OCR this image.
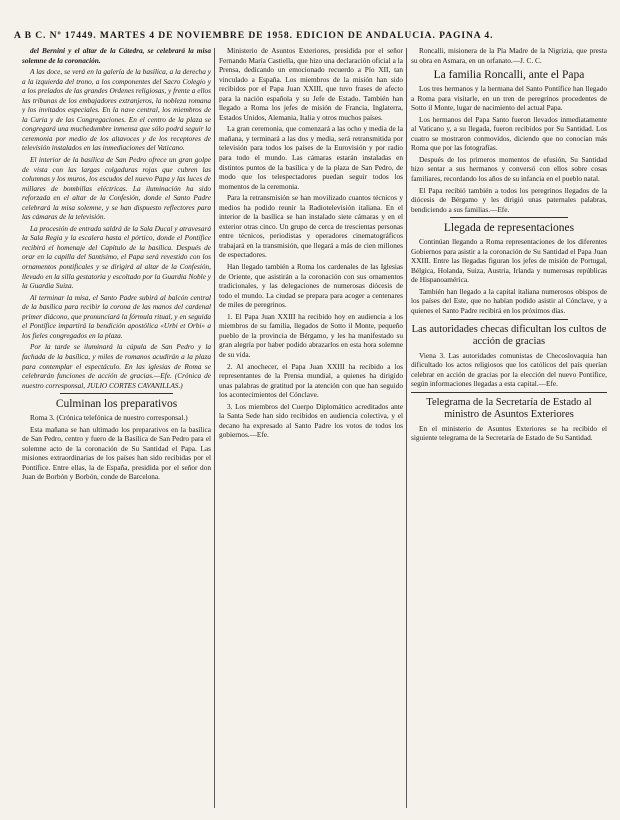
A B C. Nº 17449. MARTES 4 DE NOVIEMBRE DE 1958. EDICION DE ANDALUCIA. PAGINA 4.

del Bernini y el altar de la Cátedra, se celebrará la misa solemne de la coronación.

A las doce, se verá en la galería de la basílica, a la derecha y a la izquierda del trono, a los componentes del Sacro Colegio y a los prelados de las grandes Ordenes religiosas, y frente a ellos las tribunas de los embajadores extranjeros, la nobleza romana y los invitados especiales. En la nave central, los miembros de la Curia y de las Congregaciones. En el centro de la plaza se congregará una muchedumbre inmensa que sólo podrá seguir la ceremonia por medio de los altavoces y de los receptores de televisión instalados en las inmediaciones del Vaticano.

El interior de la basílica de San Pedro ofrece un gran golpe de vista con las largas colgaduras rojas que cubren las columnas y los muros, los escudos del nuevo Papa y las luces de millares de bombillas eléctricas. La iluminación ha sido reforzada en el altar de la Confesión, donde el Santo Padre celebrará la misa solemne, y se han dispuesto reflectores para las cámaras de la televisión.

La procesión de entrada saldrá de la Sala Ducal y atravesará la Sala Regia y la escalera hasta el pórtico, donde el Pontífice recibirá el homenaje del Capítulo de la basílica. Después de orar en la capilla del Santísimo, el Papa será revestido con los ornamentos pontificales y se dirigirá al altar de la Confesión, llevado en la silla gestatoria y escoltado por la Guardia Noble y la Guardia Suiza.

Al terminar la misa, el Santo Padre subirá al balcón central de la basílica para recibir la corona de las manos del cardenal primer diácono, que pronunciará la fórmula ritual, y en seguida el Pontífice impartirá la bendición apostólica «Urbi et Orbi» a los fieles congregados en la plaza.

Por la tarde se iluminará la cúpula de San Pedro y la fachada de la basílica, y miles de romanos acudirán a la plaza para contemplar el espectáculo. En las iglesias de Roma se celebrarán funciones de acción de gracias.—Efe. (Crónica de nuestro corresponsal, JULIO CORTES CAVANILLAS.)

Culminan los preparativos

Roma 3. (Crónica telefónica de nuestro corresponsal.)

Esta mañana se han ultimado los preparativos en la basílica de San Pedro, centro y fuero de la Basílica de San Pedro para el solemne acto de la coronación de Su Santidad el Papa. Las misiones extraordinarias de los países han sido recibidas por el Pontífice. Entre ellas, la de España, presidida por el señor don Juan de Borbón y Borbón, conde de Barcelona.

Ministerio de Asuntos Exteriores, presidida por el señor Fernando María Castiella, que hizo una declaración oficial a la Prensa, dedicando un emocionado recuerdo a Pío XII, tan vinculado a España. Los miembros de la misión han sido recibidos por el Papa Juan XXIII, que tuvo frases de afecto para la nación española y su Jefe de Estado. También han llegado a Roma los jefes de misión de Francia, Inglaterra, Estados Unidos, Alemania, Italia y otros muchos países.

La gran ceremonia, que comenzará a las ocho y media de la mañana, y terminará a las dos y media, será retransmitida por televisión para todos los países de la Eurovisión y por radio para todo el mundo. Las cámaras estarán instaladas en distintos puntos de la basílica y de la plaza de San Pedro, de modo que los telespectadores puedan seguir todos los momentos de la ceremonia.

Para la retransmisión se han movilizado cuantos técnicos y medios ha podido reunir la Radiotelevisión italiana. En el interior de la basílica se han instalado siete cámaras y en el exterior otras cinco. Un grupo de cerca de trescientas personas entre técnicos, periodistas y operadores cinematográficos trabajará en la transmisión, que llegará a más de cien millones de espectadores.

Han llegado también a Roma los cardenales de las Iglesias de Oriente, que asistirán a la coronación con sus ornamentos tradicionales, y las delegaciones de numerosas diócesis de todo el mundo. La ciudad se prepara para acoger a centenares de miles de peregrinos.

1. El Papa Juan XXIII ha recibido hoy en audiencia a los miembros de su familia, llegados de Sotto il Monte, pequeño pueblo de la provincia de Bérgamo, y les ha manifestado su gran alegría por haber podido abrazarlos en esta hora solemne de su vida.

2. Al anochecer, el Papa Juan XXIII ha recibido a los representantes de la Prensa mundial, a quienes ha dirigido unas palabras de gratitud por la atención con que han seguido los acontecimientos del Cónclave.

3. Los miembros del Cuerpo Diplomático acreditados ante la Santa Sede han sido recibidos en audiencia colectiva, y el decano ha expresado al Santo Padre los votos de todos los gobiernos.—Efe.

Roncalli, misionera de la Pía Madre de la Nigrizia, que presta su obra en Asmara, en un orfanato.—J. C. C.

La familia Roncalli, ante el Papa

Los tres hermanos y la hermana del Santo Pontífice han llegado a Roma para visitarle, en un tren de peregrinos procedentes de Sotto il Monte, lugar de nacimiento del actual Papa.

Los hermanos del Papa Santo fueron llevados inmediatamente al Vaticano y, a su llegada, fueron recibidos por Su Santidad. Los cuatro se mostraron conmovidos, diciendo que no conocían más Roma que por las fotografías.

Después de los primeros momentos de efusión, Su Santidad hizo sentar a sus hermanos y conversó con ellos sobre cosas familiares, recordando los años de su infancia en el pueblo natal.

El Papa recibió también a todos los peregrinos llegados de la diócesis de Bérgamo y les dirigió unas paternales palabras, bendiciendo a sus familias.—Efe.

Llegada de representaciones

Continúan llegando a Roma representaciones de los diferentes Gobiernos para asistir a la coronación de Su Santidad el Papa Juan XXIII. Entre las llegadas figuran los jefes de misión de Portugal, Bélgica, Holanda, Suiza, Austria, Irlanda y numerosas repúblicas de Hispanoamérica.

También han llegado a la capital italiana numerosos obispos de los países del Este, que no habían podido asistir al Cónclave, y a quienes el Santo Padre recibirá en los próximos días.

Las autoridades checas dificultan los cultos de acción de gracias

Viena 3. Las autoridades comunistas de Checoslovaquia han dificultado los actos religiosos que los católicos del país querían celebrar en acción de gracias por la elección del nuevo Pontífice, según informaciones llegadas a esta capital.—Efe.

Telegrama de la Secretaría de Estado al ministro de Asuntos Exteriores

En el ministerio de Asuntos Exteriores se ha recibido el siguiente telegrama de la Secretaría de Estado de Su Santidad.
